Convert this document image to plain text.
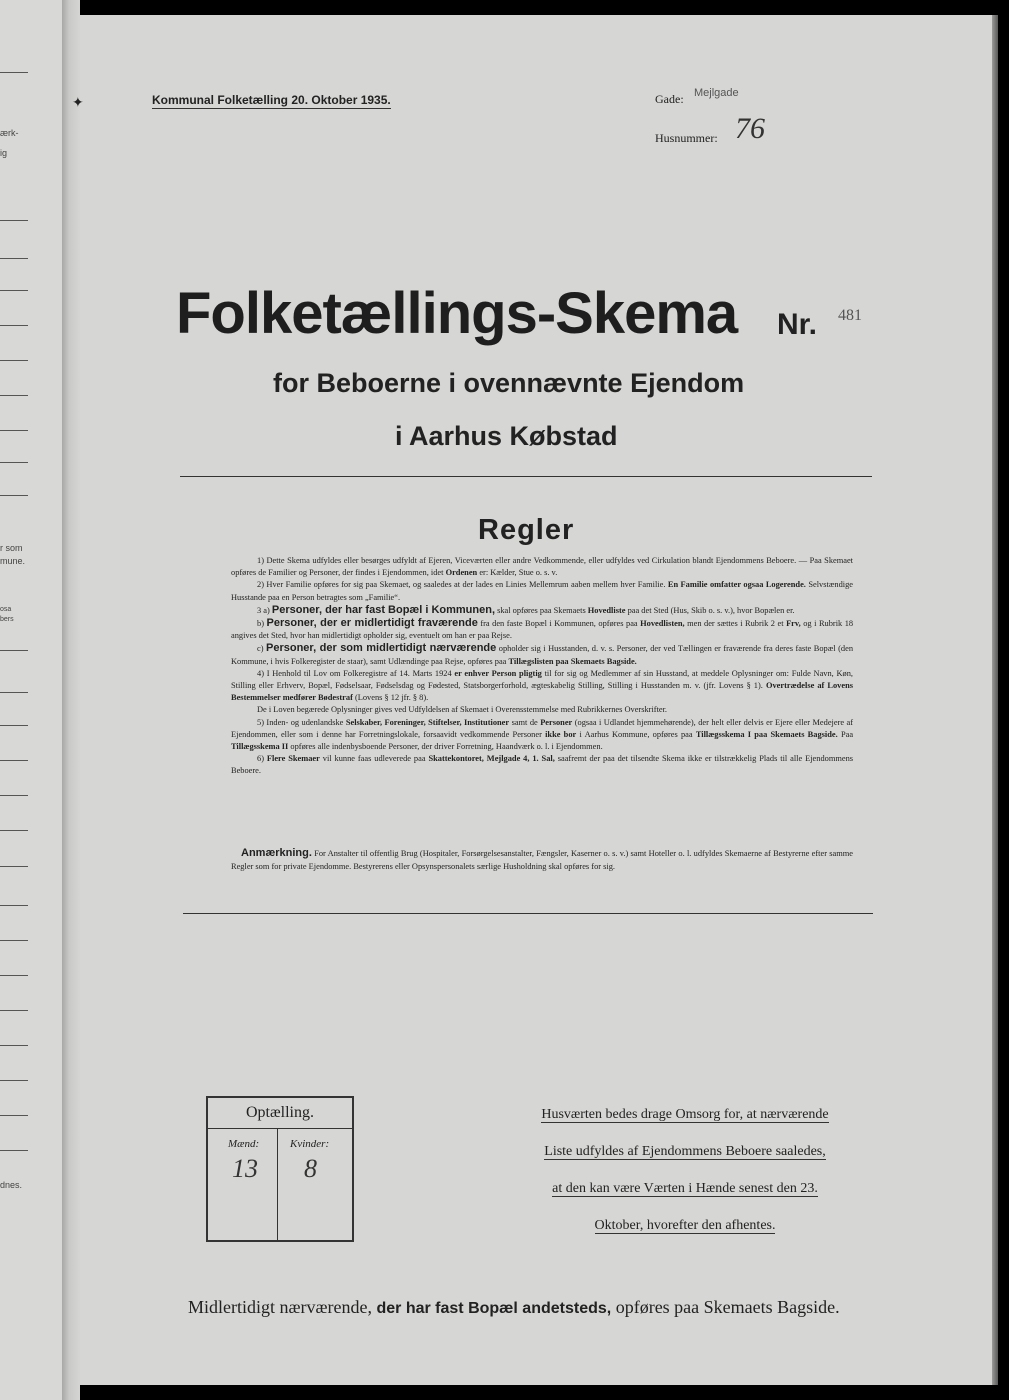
ærk-
ig
r som
mune.
osa
bers
dnes.
✦	Kommunal Folketælling 20. Oktober 1935.	Gade: Mejlgade
Husnummer: 76
Folketællings-Skema Nr. 481
for Beboerne i ovennævnte Ejendom
i Aarhus Købstad
Regler

1) Dette Skema udfyldes eller besørges udfyldt af Ejeren, Viceværten eller andre Vedkommende, eller udfyldes ved Cirkulation blandt Ejendommens Beboere. — Paa Skemaet opføres de Familier og Personer, der findes i Ejendommen, idet Ordenen er: Kælder, Stue o. s. v.

2) Hver Familie opføres for sig paa Skemaet, og saaledes at der lades en Linies Mellemrum aaben mellem hver Familie. En Familie omfatter ogsaa Logerende. Selvstændige Husstande paa en Person betragtes som „Familie“.

3 a) Personer, der har fast Bopæl i Kommunen, skal opføres paa Skemaets Hovedliste paa det Sted (Hus, Skib o. s. v.), hvor Bopælen er.

b) Personer, der er midlertidigt fraværende fra den faste Bopæl i Kommunen, opføres paa Hovedlisten, men der sættes i Rubrik 2 et Frv, og i Rubrik 18 angives det Sted, hvor han midlertidigt opholder sig, eventuelt om han er paa Rejse.

c) Personer, der som midlertidigt nærværende opholder sig i Husstanden, d. v. s. Personer, der ved Tællingen er fraværende fra deres faste Bopæl (den Kommune, i hvis Folkeregister de staar), samt Udlændinge paa Rejse, opføres paa Tillægslisten paa Skemaets Bagside.

4) I Henhold til Lov om Folkeregistre af 14. Marts 1924 er enhver Person pligtig til for sig og Medlemmer af sin Husstand, at meddele Oplysninger om: Fulde Navn, Køn, Stilling eller Erhverv, Bopæl, Fødselsaar, Fødselsdag og Fødested, Statsborgerforhold, ægteskabelig Stilling, Stilling i Husstanden m. v. (jfr. Lovens § 1). Overtrædelse af Lovens Bestemmelser medfører Bødestraf (Lovens § 12 jfr. § 8).

De i Loven begærede Oplysninger gives ved Udfyldelsen af Skemaet i Overensstemmelse med Rubrikkernes Overskrifter.

5) Inden- og udenlandske Selskaber, Foreninger, Stiftelser, Institutioner samt de Personer (ogsaa i Udlandet hjemmehørende), der helt eller delvis er Ejere eller Medejere af Ejendommen, eller som i denne har Forretningslokale, forsaavidt vedkommende Personer ikke bor i Aarhus Kommune, opføres paa Tillægsskema I paa Skemaets Bagside. Paa Tillægsskema II opføres alle indenbysboende Personer, der driver Forretning, Haandværk o. l. i Ejendommen.

6) Flere Skemaer vil kunne faas udleverede paa Skattekontoret, Mejlgade 4, 1. Sal, saafremt der paa det tilsendte Skema ikke er tilstrækkelig Plads til alle Ejendommens Beboere.

Anmærkning. For Anstalter til offentlig Brug (Hospitaler, Forsørgelsesanstalter, Fængsler, Kaserner o. s. v.) samt Hoteller o. l. udfyldes Skemaerne af Bestyrerne efter samme Regler som for private Ejendomme. Bestyrerens eller Opsynspersonalets særlige Husholdning skal opføres for sig.
Optælling.
Mænd:	Kvinder:
13 8
Husværten bedes drage Omsorg for, at nærværende
Liste udfyldes af Ejendommens Beboere saaledes,
at den kan være Værten i Hænde senest den 23.
Oktober, hvorefter den afhentes.
Midlertidigt nærværende, der har fast Bopæl andetsteds, opføres paa Skemaets Bagside.
